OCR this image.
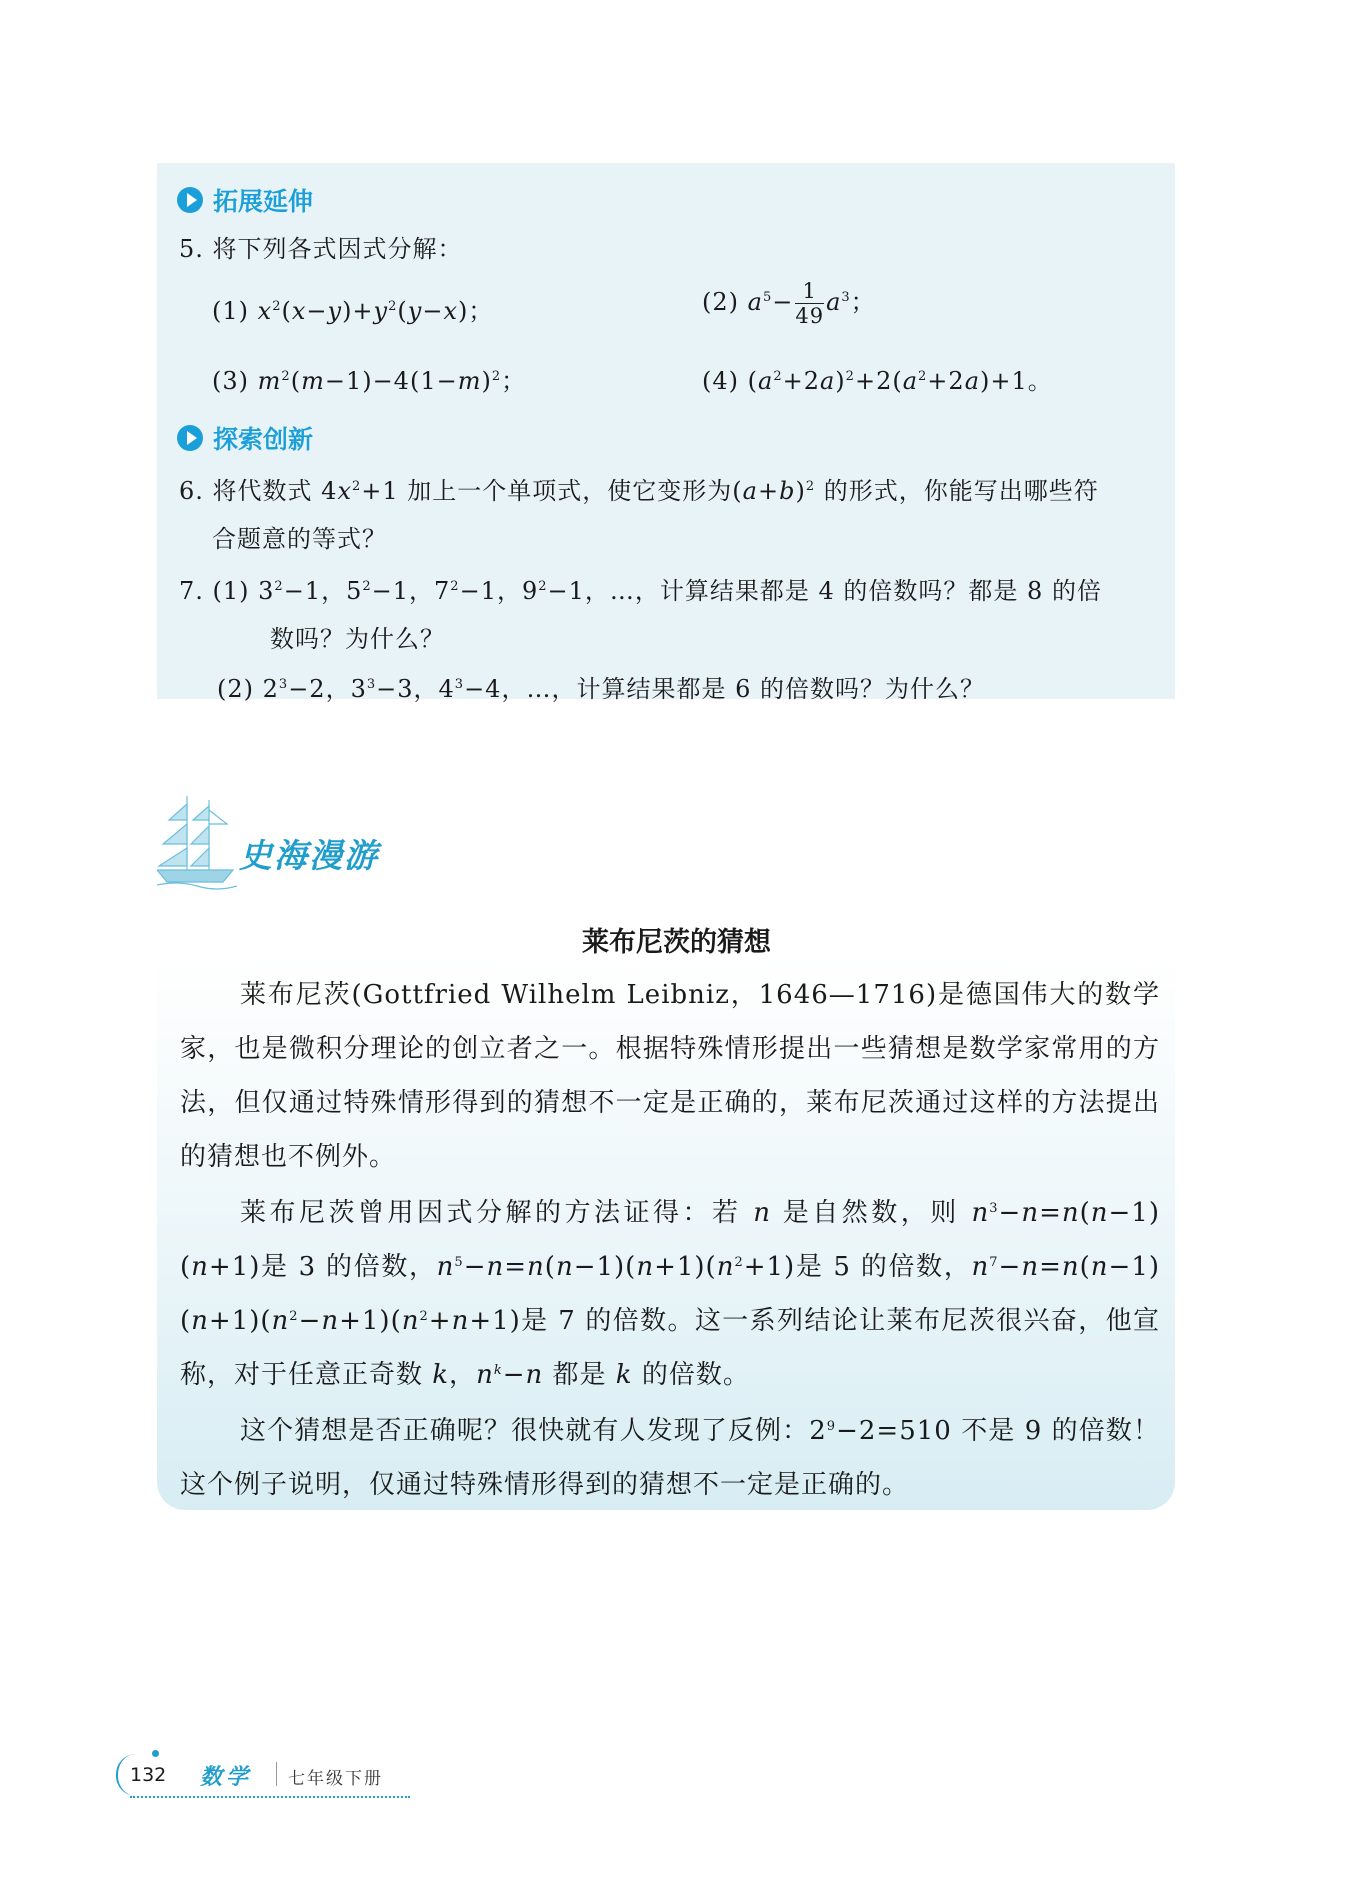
拓展延伸
5. 将下列各式因式分解：
(1) $x^2(x-y)+y^2(y-x)$；	(2) $a^5- \frac{1}{49} a^3$；
(3) $m^2(m-1)-4(1-m)^2$；	(4) $(a^2+2a)^2+2(a^2+2a)+1$。
探索创新
6. 将代数式 $4x^2+1$ 加上一个单项式，使它变形为$(a+b)^2$ 的形式，你能写出哪些符
合题意的等式？
7. (1) $3^2-1$，$5^2-1$，$7^2-1$，$9^2-1$，…，计算结果都是 4 的倍数吗？都是 8 的倍
数吗？为什么？
(2) $2^3-2$，$3^3-3$，$4^3-4$，…，计算结果都是 6 的倍数吗？为什么？
史海漫游
莱布尼茨的猜想

莱布尼茨(Gottfried Wilhelm Leibniz，1646—1716)是德国伟大的数学家，也是微积分理论的创立者之一。根据特殊情形提出一些猜想是数学家常用的方法，但仅通过特殊情形得到的猜想不一定是正确的，莱布尼茨通过这样的方法提出的猜想也不例外。

莱布尼茨曾用因式分解的方法证得：若 n 是自然数，则 $n^3-n=n(n-1)(n+1)$是 3 的倍数，$n^5-n=n(n-1)(n+1)(n^2+1)$是 5 的倍数，$n^7-n=n(n-1)(n+1)(n^2-n+1)(n^2+n+1)$是 7 的倍数。这一系列结论让莱布尼茨很兴奋，他宣称，对于任意正奇数 k，$n^k-n$ 都是 k 的倍数。

这个猜想是否正确呢？很快就有人发现了反例：$2^9-2=510$ 不是 9 的倍数！这个例子说明，仅通过特殊情形得到的猜想不一定是正确的。

132 数学 七年级下册
